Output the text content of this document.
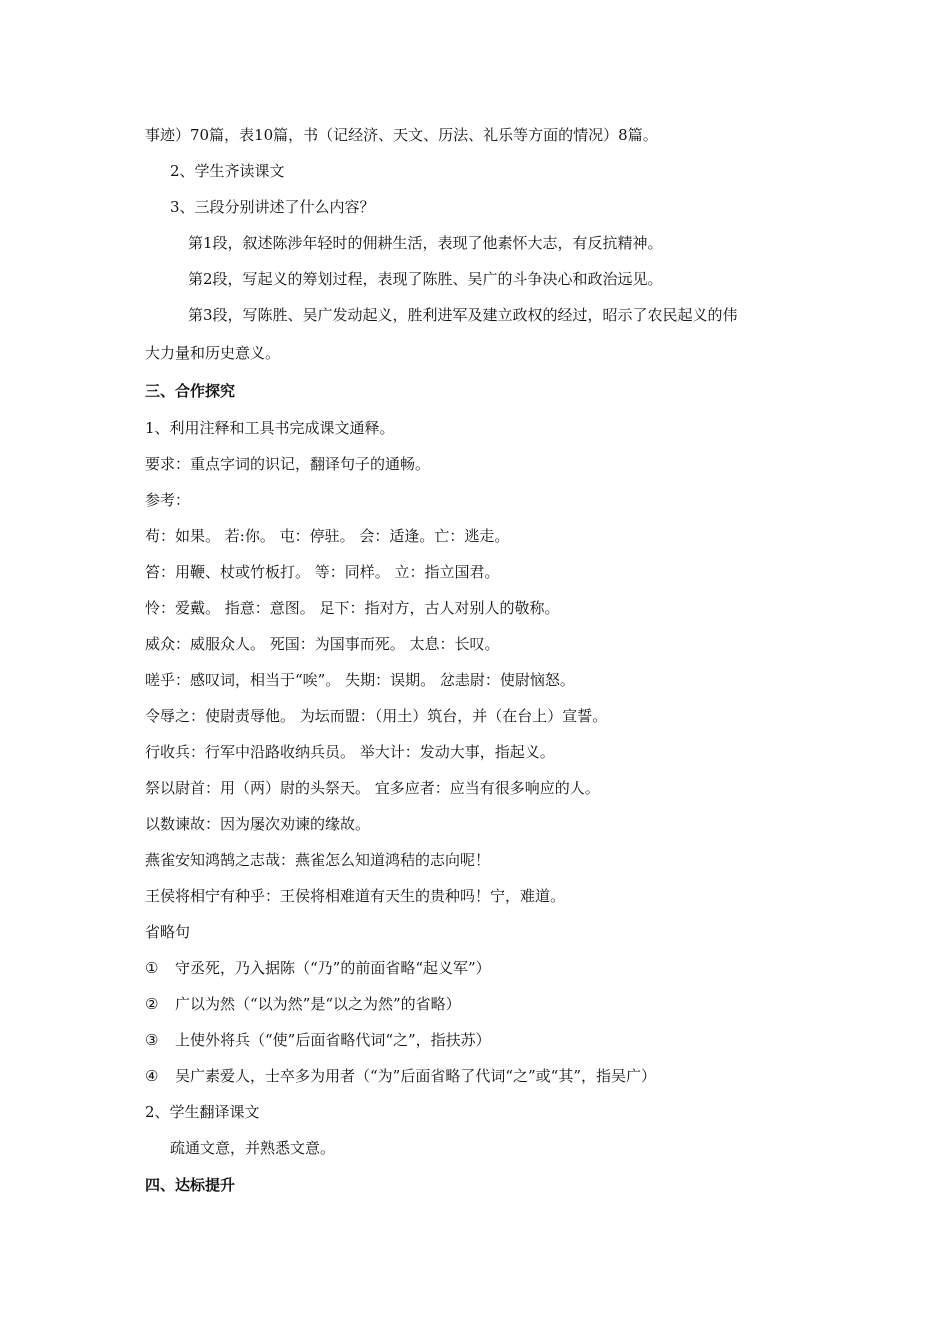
事迹）70篇，表10篇，书（记经济、天文、历法、礼乐等方面的情况）8篇。
2、学生齐读课文
3、三段分别讲述了什么内容？
第1段，叙述陈涉年轻时的佣耕生活，表现了他素怀大志，有反抗精神。
第2段，写起义的筹划过程，表现了陈胜、吴广的斗争决心和政治远见。
第3段，写陈胜、吴广发动起义，胜利进军及建立政权的经过，昭示了农民起义的伟
大力量和历史意义。
三、合作探究
1、利用注释和工具书完成课文通释。
要求：重点字词的识记，翻译句子的通畅。
参考：
苟：如果。 若:你。 屯：停驻。 会：适逢。亡：逃走。
笞：用鞭、杖或竹板打。 等：同样。 立：指立国君。
怜：爱戴。 指意：意图。 足下：指对方，古人对别人的敬称。
威众：威服众人。 死国：为国事而死。 太息：长叹。
嗟乎：感叹词，相当于“唉”。 失期：误期。 忿恚尉：使尉恼怒。
令辱之：使尉责辱他。 为坛而盟：（用土）筑台，并（在台上）宣誓。
行收兵：行军中沿路收纳兵员。 举大计：发动大事，指起义。
祭以尉首：用（两）尉的头祭天。 宜多应者：应当有很多响应的人。
以数谏故：因为屡次劝谏的缘故。
燕雀安知鸿鹄之志哉：燕雀怎么知道鸿秸的志向呢！
王侯将相宁有种乎：王侯将相难道有天生的贵种吗！宁，难道。
省略句
① 守丞死，乃入据陈（“乃”的前面省略“起义军”）
② 广以为然（“以为然”是“以之为然”的省略）
③ 上使外将兵（“使”后面省略代词“之”，指扶苏）
④ 吴广素爱人，士卒多为用者（“为”后面省略了代词“之”或“其”，指吴广）
2、学生翻译课文
疏通文意，并熟悉文意。
四、达标提升
